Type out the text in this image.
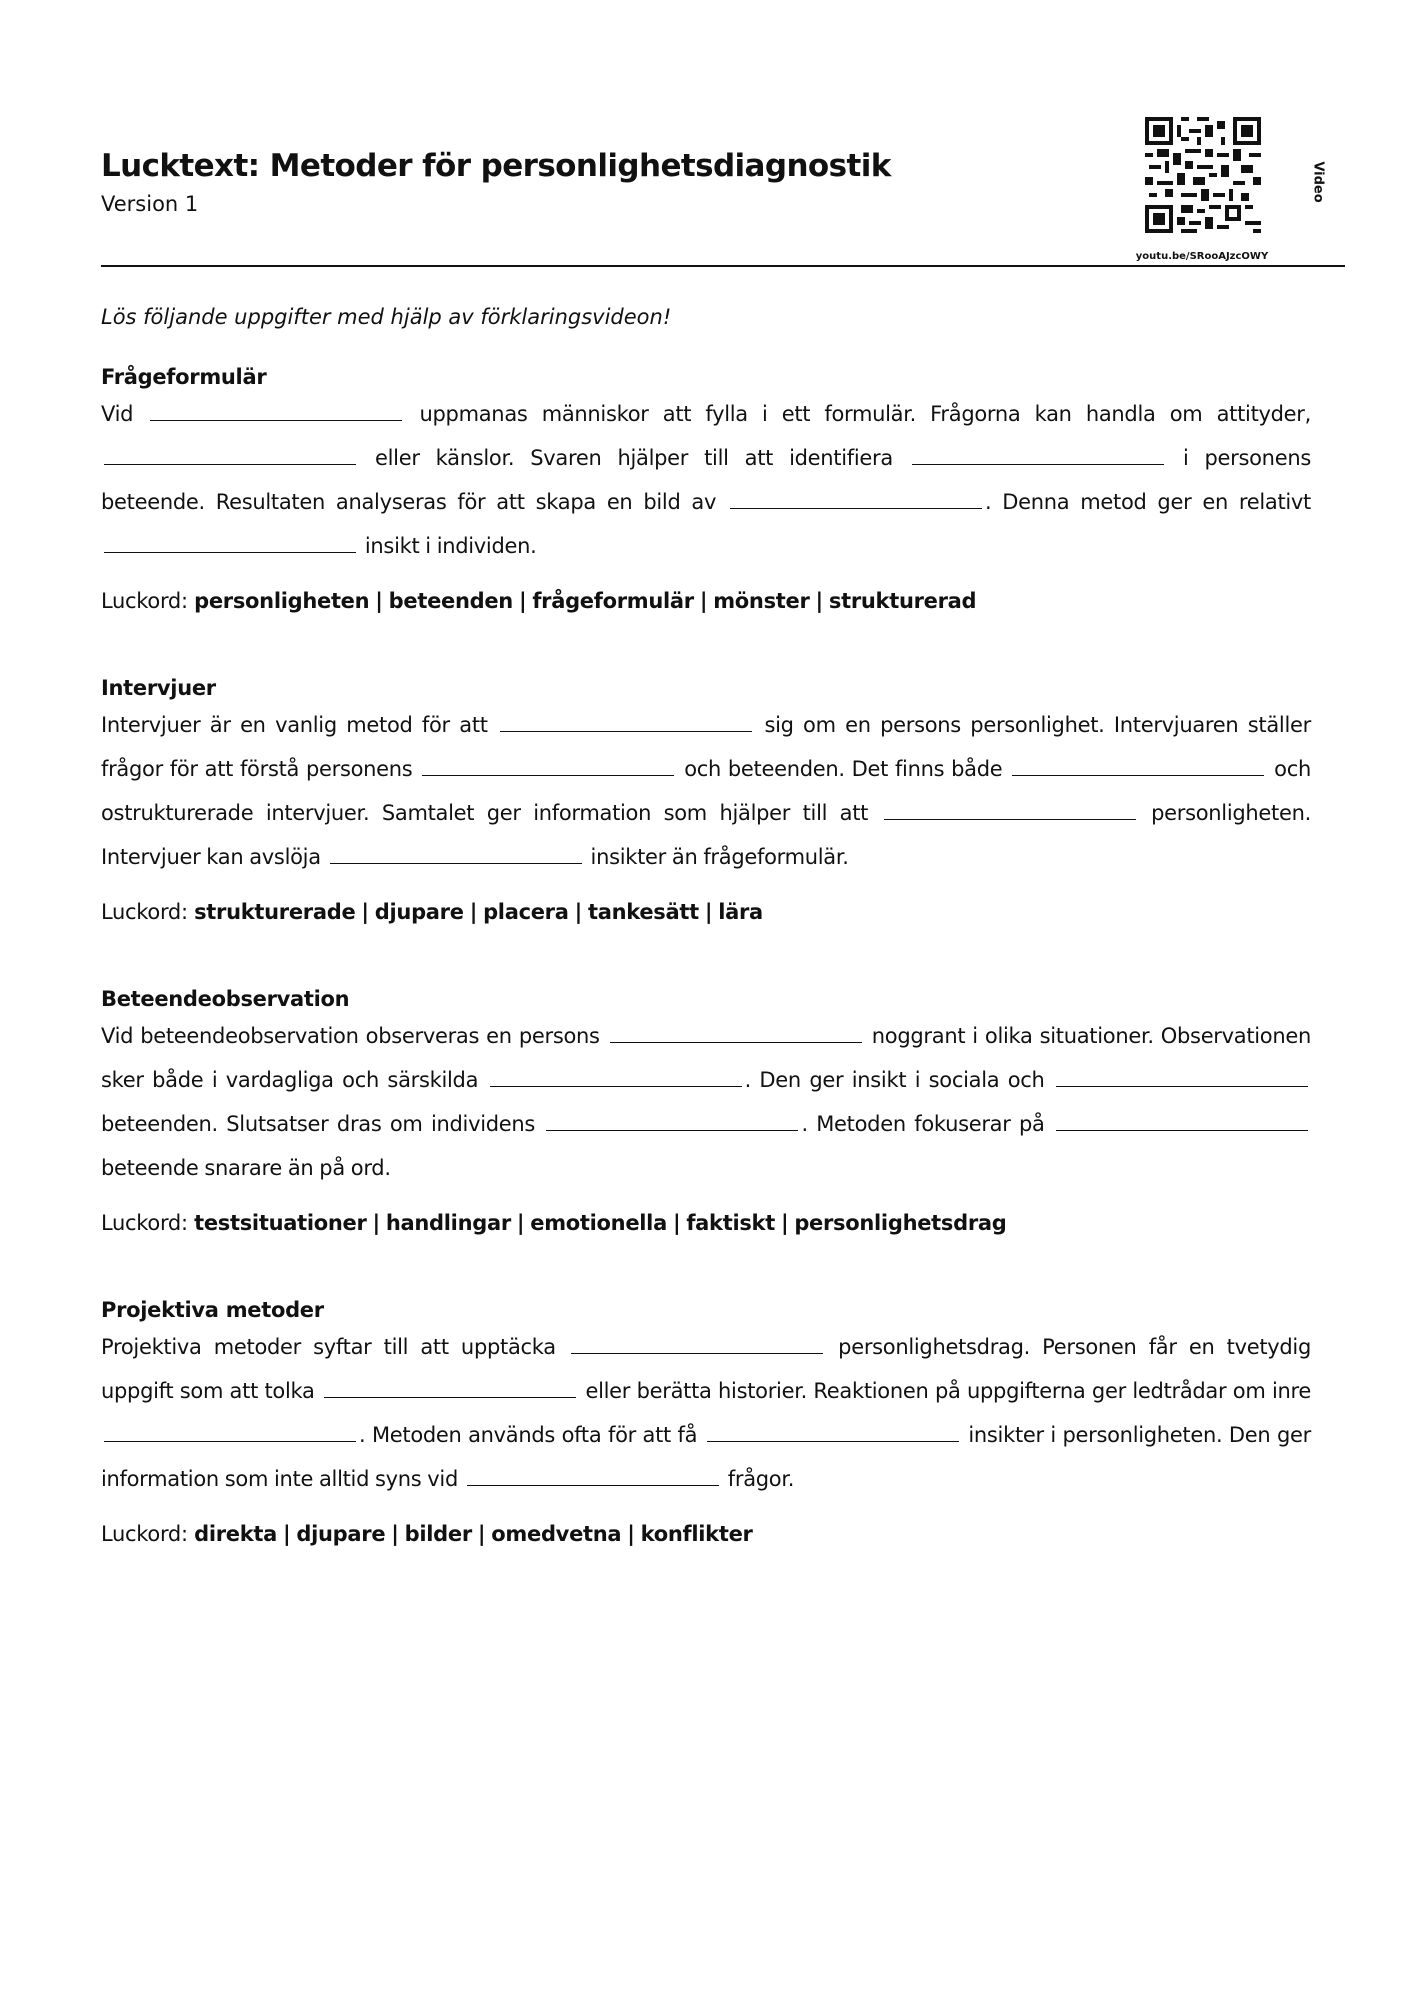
Lucktext: Metoder för personlighetsdiagnostik
Version 1
youtu.be/SRooAJzcOWY
Video

Lös följande uppgifter med hjälp av förklaringsvideon!

Frågeformulär

Vid	uppmanas människor att fylla i ett formulär. Frågorna kan handla om attityder,  eller känslor. Svaren hjälper till att identifiera	i personens beteende. Resultaten analyseras för att skapa en bild av	. Denna metod ger en relativt  insikt i individen.

Luckord: personligheten | beteenden | frågeformulär | mönster | strukturerad

Intervjuer

Intervjuer är en vanlig metod för att	sig om en persons personlighet. Intervjuaren ställer frågor för att förstå personens	och beteenden. Det finns både	och ostrukturerade intervjuer. Samtalet ger information som hjälper till att	personligheten. Intervjuer kan avslöja	insikter än frågeformulär.

Luckord: strukturerade | djupare | placera | tankesätt | lära

Beteendeobservation

Vid beteendeobservation observeras en persons	noggrant i olika situationer. Observationen sker både i vardagliga och särskilda	. Den ger insikt i sociala och  beteenden. Slutsatser dras om individens	. Metoden fokuserar på  beteende snarare än på ord.

Luckord: testsituationer | handlingar | emotionella | faktiskt | personlighetsdrag

Projektiva metoder

Projektiva metoder syftar till att upptäcka	personlighetsdrag. Personen får en tvetydig uppgift som att tolka	eller berätta historier. Reaktionen på uppgifterna ger ledtrådar om inre . Metoden används ofta för att få	insikter i personligheten. Den ger information som inte alltid syns vid	frågor.

Luckord: direkta | djupare | bilder | omedvetna | konflikter
